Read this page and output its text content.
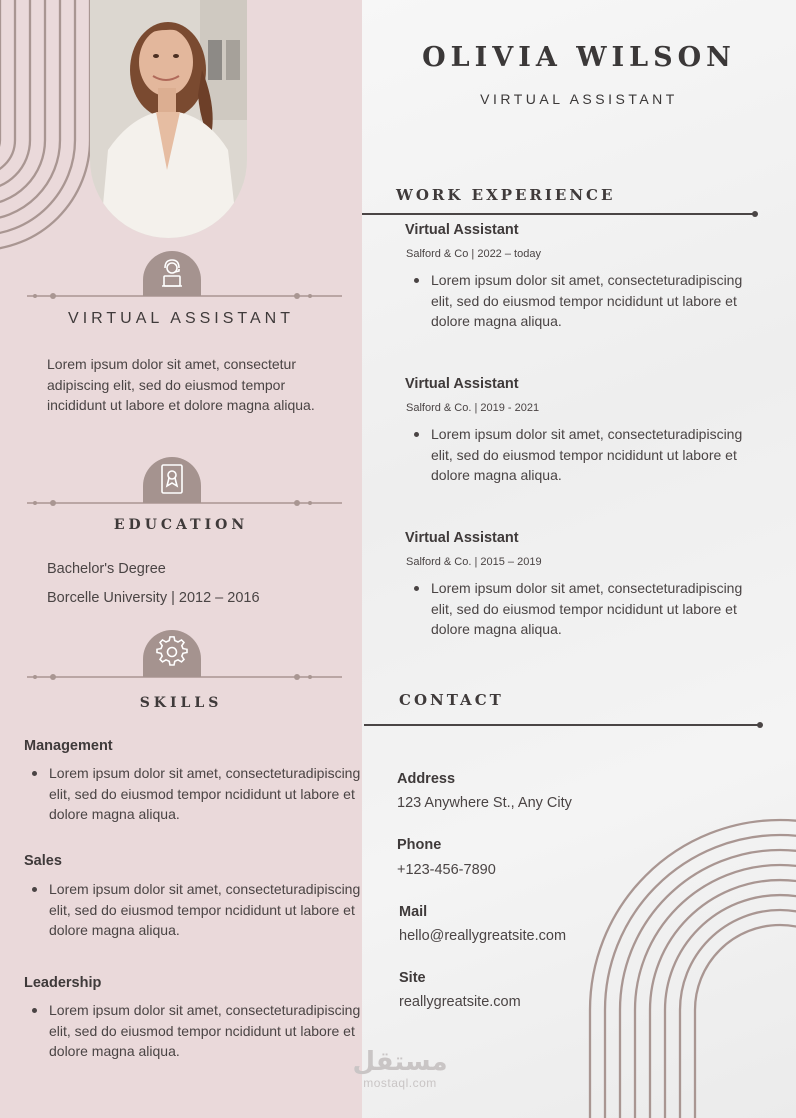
VIRTUAL ASSISTANT
Lorem ipsum dolor sit amet, consectetur adipiscing elit, sed do eiusmod tempor incididunt ut labore et dolore magna aliqua.
EDUCATION
Bachelor's Degree
Borcelle University | 2012 – 2016
SKILLS
Management
Lorem ipsum dolor sit amet, consecteturadipiscing elit, sed do eiusmod tempor ncididunt ut labore et dolore magna aliqua.
Sales
Lorem ipsum dolor sit amet, consecteturadipiscing elit, sed do eiusmod tempor ncididunt ut labore et dolore magna aliqua.
Leadership
Lorem ipsum dolor sit amet, consecteturadipiscing elit, sed do eiusmod tempor ncididunt ut labore et dolore magna aliqua.
OLIVIA WILSON
VIRTUAL ASSISTANT
WORK EXPERIENCE
Virtual Assistant
Salford & Co | 2022 – today
Lorem ipsum dolor sit amet, consecteturadipiscing elit, sed do eiusmod tempor ncididunt ut labore et dolore magna aliqua.
Virtual Assistant
Salford & Co. | 2019 - 2021
Lorem ipsum dolor sit amet, consecteturadipiscing elit, sed do eiusmod tempor ncididunt ut labore et dolore magna aliqua.
Virtual Assistant
Salford & Co. | 2015 – 2019
Lorem ipsum dolor sit amet, consecteturadipiscing elit, sed do eiusmod tempor ncididunt ut labore et dolore magna aliqua.
CONTACT
Address
123 Anywhere St., Any City
Phone
+123-456-7890
Mail
hello@reallygreatsite.com
Site
reallygreatsite.com
مستقل
mostaql.com
